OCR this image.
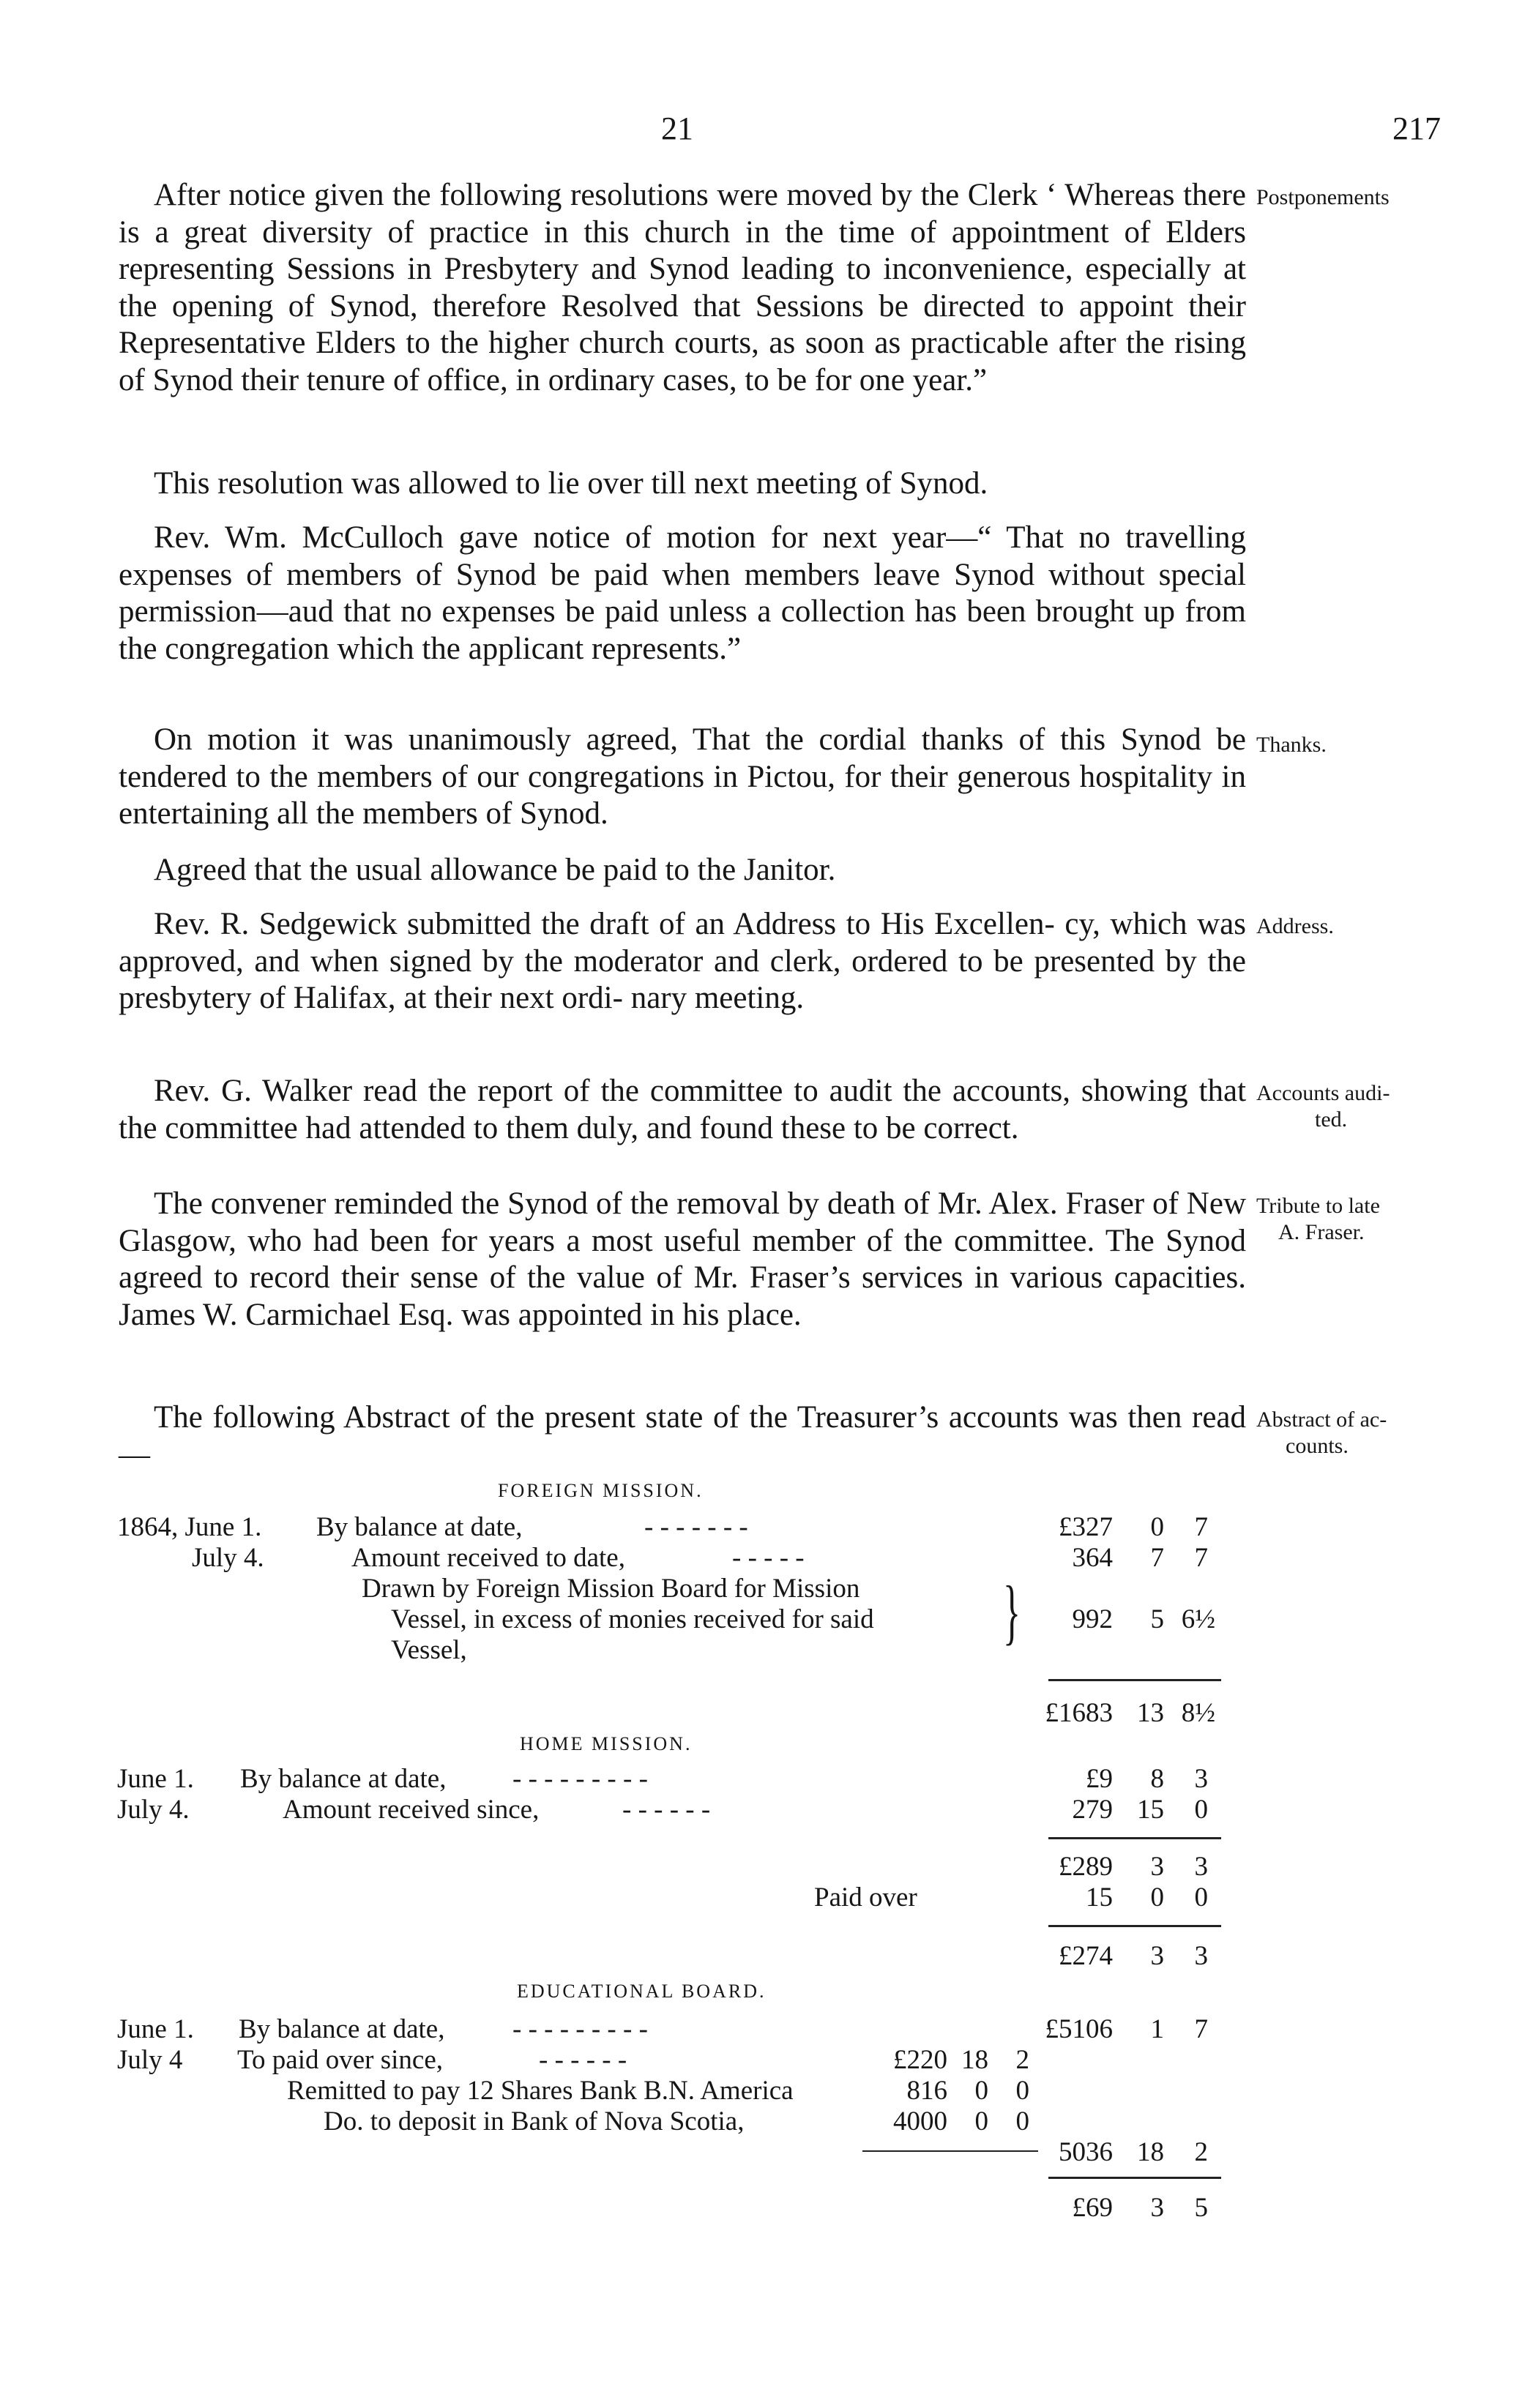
21	217
After notice given the following resolutions were moved by the Clerk ‘ Whereas there is a great diversity of practice in this church in the time of appointment of Elders representing Sessions in Presbytery and Synod leading to inconvenience, especially at the opening of Synod, therefore Resolved that Sessions be directed to appoint their Representative Elders to the higher church courts, as soon as practicable after the rising of Synod their tenure of office, in ordinary cases, to be for one year.”
Postponements
This resolution was allowed to lie over till next meeting of Synod.
Rev. Wm. McCulloch gave notice of motion for next year—“ That no travelling expenses of members of Synod be paid when members leave Synod without special permission—aud that no expenses be paid unless a collection has been brought up from the congregation which the applicant represents.”
On motion it was unanimously agreed, That the cordial thanks of this Synod be tendered to the members of our congregations in Pictou, for their generous hospitality in entertaining all the members of Synod.
Thanks.
Agreed that the usual allowance be paid to the Janitor.
Rev. R. Sedgewick submitted the draft of an Address to His Excellen- cy, which was approved, and when signed by the moderator and clerk, ordered to be presented by the presbytery of Halifax, at their next ordi- nary meeting.
Address.
Rev. G. Walker read the report of the committee to audit the accounts, showing that the committee had attended to them duly, and found these to be correct.
Accounts audi-
ted.
The convener reminded the Synod of the removal by death of Mr. Alex. Fraser of New Glasgow, who had been for years a most useful member of the committee. The Synod agreed to record their sense of the value of Mr. Fraser’s services in various capacities. James W. Carmichael Esq. was appointed in his place.
Tribute to late
A. Fraser.
The following Abstract of the present state of the Treasurer’s accounts was then read—
Abstract of ac-
counts.
FOREIGN MISSION.
1864, June 1. By balance at date,	- - - - - - -	£327	0	7
July 4.	Amount received to date,	- - - - -	364	7	7
Drawn by Foreign Mission Board for Mission
Vessel, in excess of monies received for said
Vessel,	}	992	5 6½
£1683 13 8½
HOME MISSION.
June 1. By balance at date, - - - - - - - - -	£9	8	3
July 4.	Amount received since,	- - - - - -	279 15	0
£289	3	3
Paid over	15	0	0
£274	3	3
EDUCATIONAL BOARD.
June 1. By balance at date,	- - - - - - - - -	£5106	1	7
July 4 To paid over since,	- - - - - -	£220 18	2
Remitted to pay 12 Shares Bank B.N. America	816	0	0
Do. to deposit in Bank of Nova Scotia,	4000	0	0
5036 18	2
£69	3	5
